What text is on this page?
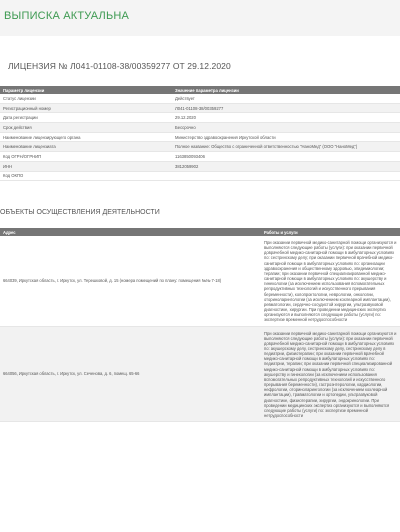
ВЫПИСКА АКТУАЛЬНА
ЛИЦЕНЗИЯ № Л041-01108-38/00359277 ОТ 29.12.2020
Параметр лицензии	Значение параметра лицензии
Статус лицензии	Действует
Регистрационный номер	Л041-01108-38/00359277
Дата регистрации	29.12.2020
Срок действия	Бессрочно
Наименование лицензирующего органа	Министерство здравоохранения Иркутской области
Наименование лицензиата	Полное название: Общество с ограниченной ответственностью "НаноМед" (ООО "НаноМед")
Код ОГРН/ОГРНИП	1163850093406
ИНН	3812059902
Код ОКПО	
ОБЪЕКТЫ ОСУЩЕСТВЛЕНИЯ ДЕЯТЕЛЬНОСТИ
Адрес	Работы и услуги
664039, Иркутская область, г. Иркутск, ул. Терешковой, д. 15 (номера помещений по плану: помещения №№ 7-18)	При оказании первичной медико-санитарной помощи организуются и выполняются следующие работы (услуги): при оказании первичной доврачебной медико-санитарной помощи в амбулаторных условиях по: сестринскому делу; при оказании первичной врачебной медико-санитарной помощи в амбулаторных условиях по: организации здравоохранения и общественному здоровью, эпидемиологии; терапии; при оказании первичной специализированной медико-санитарной помощи в амбулаторных условиях по: акушерству и гинекологии (за исключением использования вспомогательных репродуктивных технологий и искусственного прерывания беременности), колопроктологии, неврологии, онкологии, оториноларингологии (за исключением кохлеарной имплантации), ревматологии, сердечно-сосудистой хирургии, ультразвуковой диагностике, хирургии. При проведении медицинских экспертиз организуются и выполняются следующие работы (услуги) по: экспертизе временной нетрудоспособности
664056, Иркутская область, г. Иркутск, ул. Сеченова, д. 6, помещ. 65-66	При оказании первичной медико-санитарной помощи организуются и выполняются следующие работы (услуги): при оказании первичной доврачебной медико-санитарной помощи в амбулаторных условиях по: акушерскому делу, сестринскому делу, сестринскому делу в педиатрии, физиотерапии; при оказании первичной врачебной медико-санитарной помощи в амбулаторных условиях по: педиатрии, терапии; при оказании первичной специализированной медико-санитарной помощи в амбулаторных условиях по: акушерству и гинекологии (за исключением использования вспомогательных репродуктивных технологий и искусственного прерывания беременности), гастроэнтерологии, кардиологии, нефрологии, оториноларингологии (за исключением кохлеарной имплантации), травматологии и ортопедии, ультразвуковой диагностике, физиотерапии, хирургии, эндокринологии. При проведении медицинских экспертиз организуются и выполняются следующие работы (услуги) по: экспертизе временной нетрудоспособности
